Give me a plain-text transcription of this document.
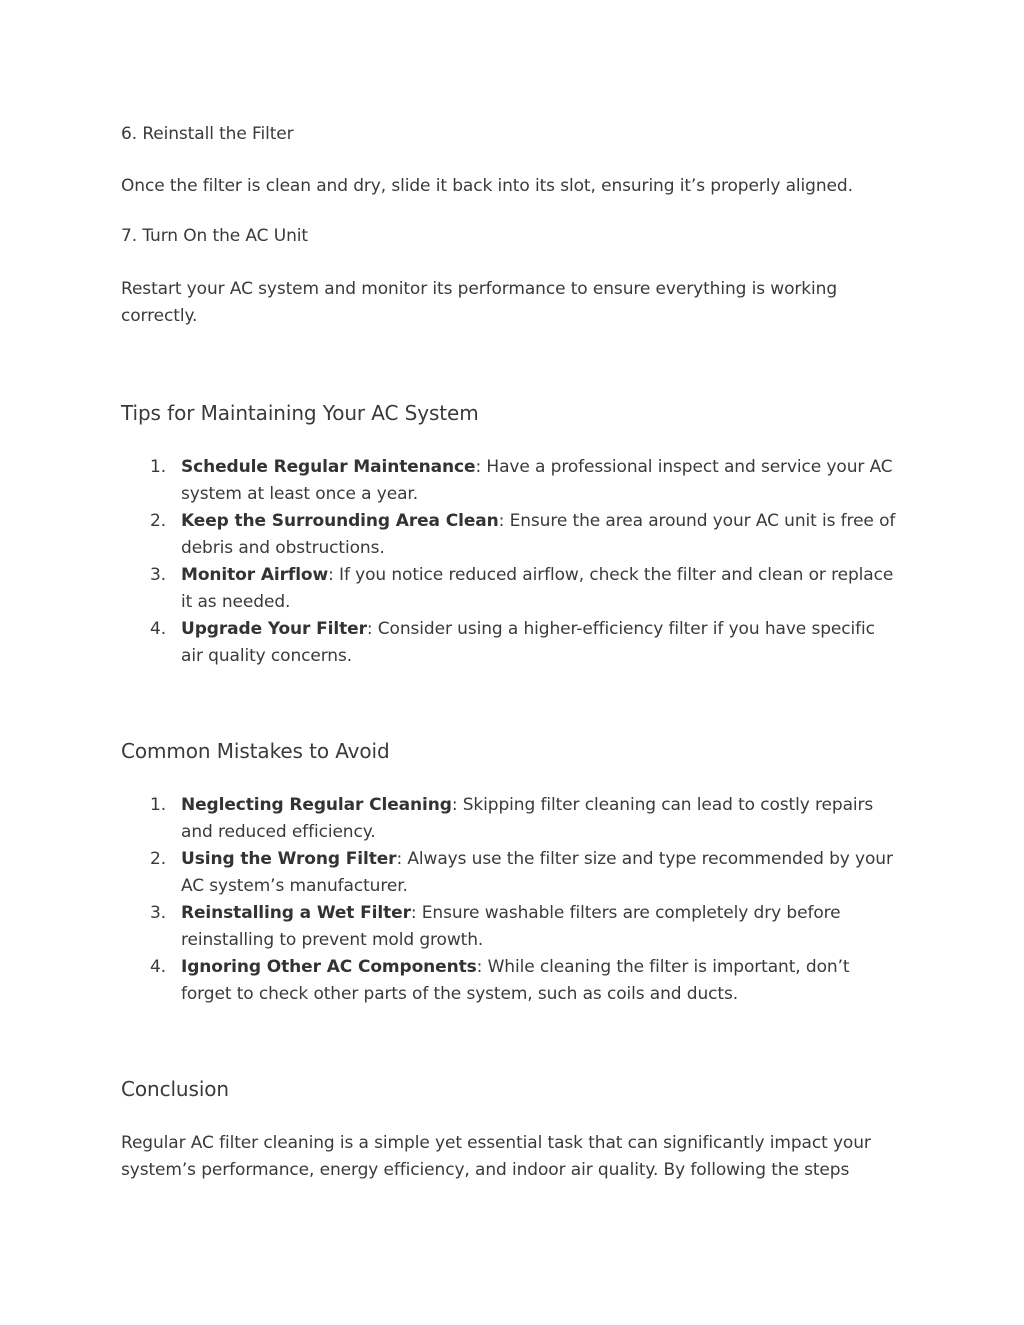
6. Reinstall the Filter

Once the filter is clean and dry, slide it back into its slot, ensuring it’s properly aligned.

7. Turn On the AC Unit

Restart your AC system and monitor its performance to ensure everything is working correctly.

Tips for Maintaining Your AC System
1. Schedule Regular Maintenance: Have a professional inspect and service your AC system at least once a year.
2. Keep the Surrounding Area Clean: Ensure the area around your AC unit is free of debris and obstructions.
3. Monitor Airflow: If you notice reduced airflow, check the filter and clean or replace it as needed.
4. Upgrade Your Filter: Consider using a higher-efficiency filter if you have specific air quality concerns.
Common Mistakes to Avoid
1. Neglecting Regular Cleaning: Skipping filter cleaning can lead to costly repairs and reduced efficiency.
2. Using the Wrong Filter: Always use the filter size and type recommended by your AC system’s manufacturer.
3. Reinstalling a Wet Filter: Ensure washable filters are completely dry before reinstalling to prevent mold growth.
4. Ignoring Other AC Components: While cleaning the filter is important, don’t forget to check other parts of the system, such as coils and ducts.
Conclusion

Regular AC filter cleaning is a simple yet essential task that can significantly impact your system’s performance, energy efficiency, and indoor air quality. By following the steps
